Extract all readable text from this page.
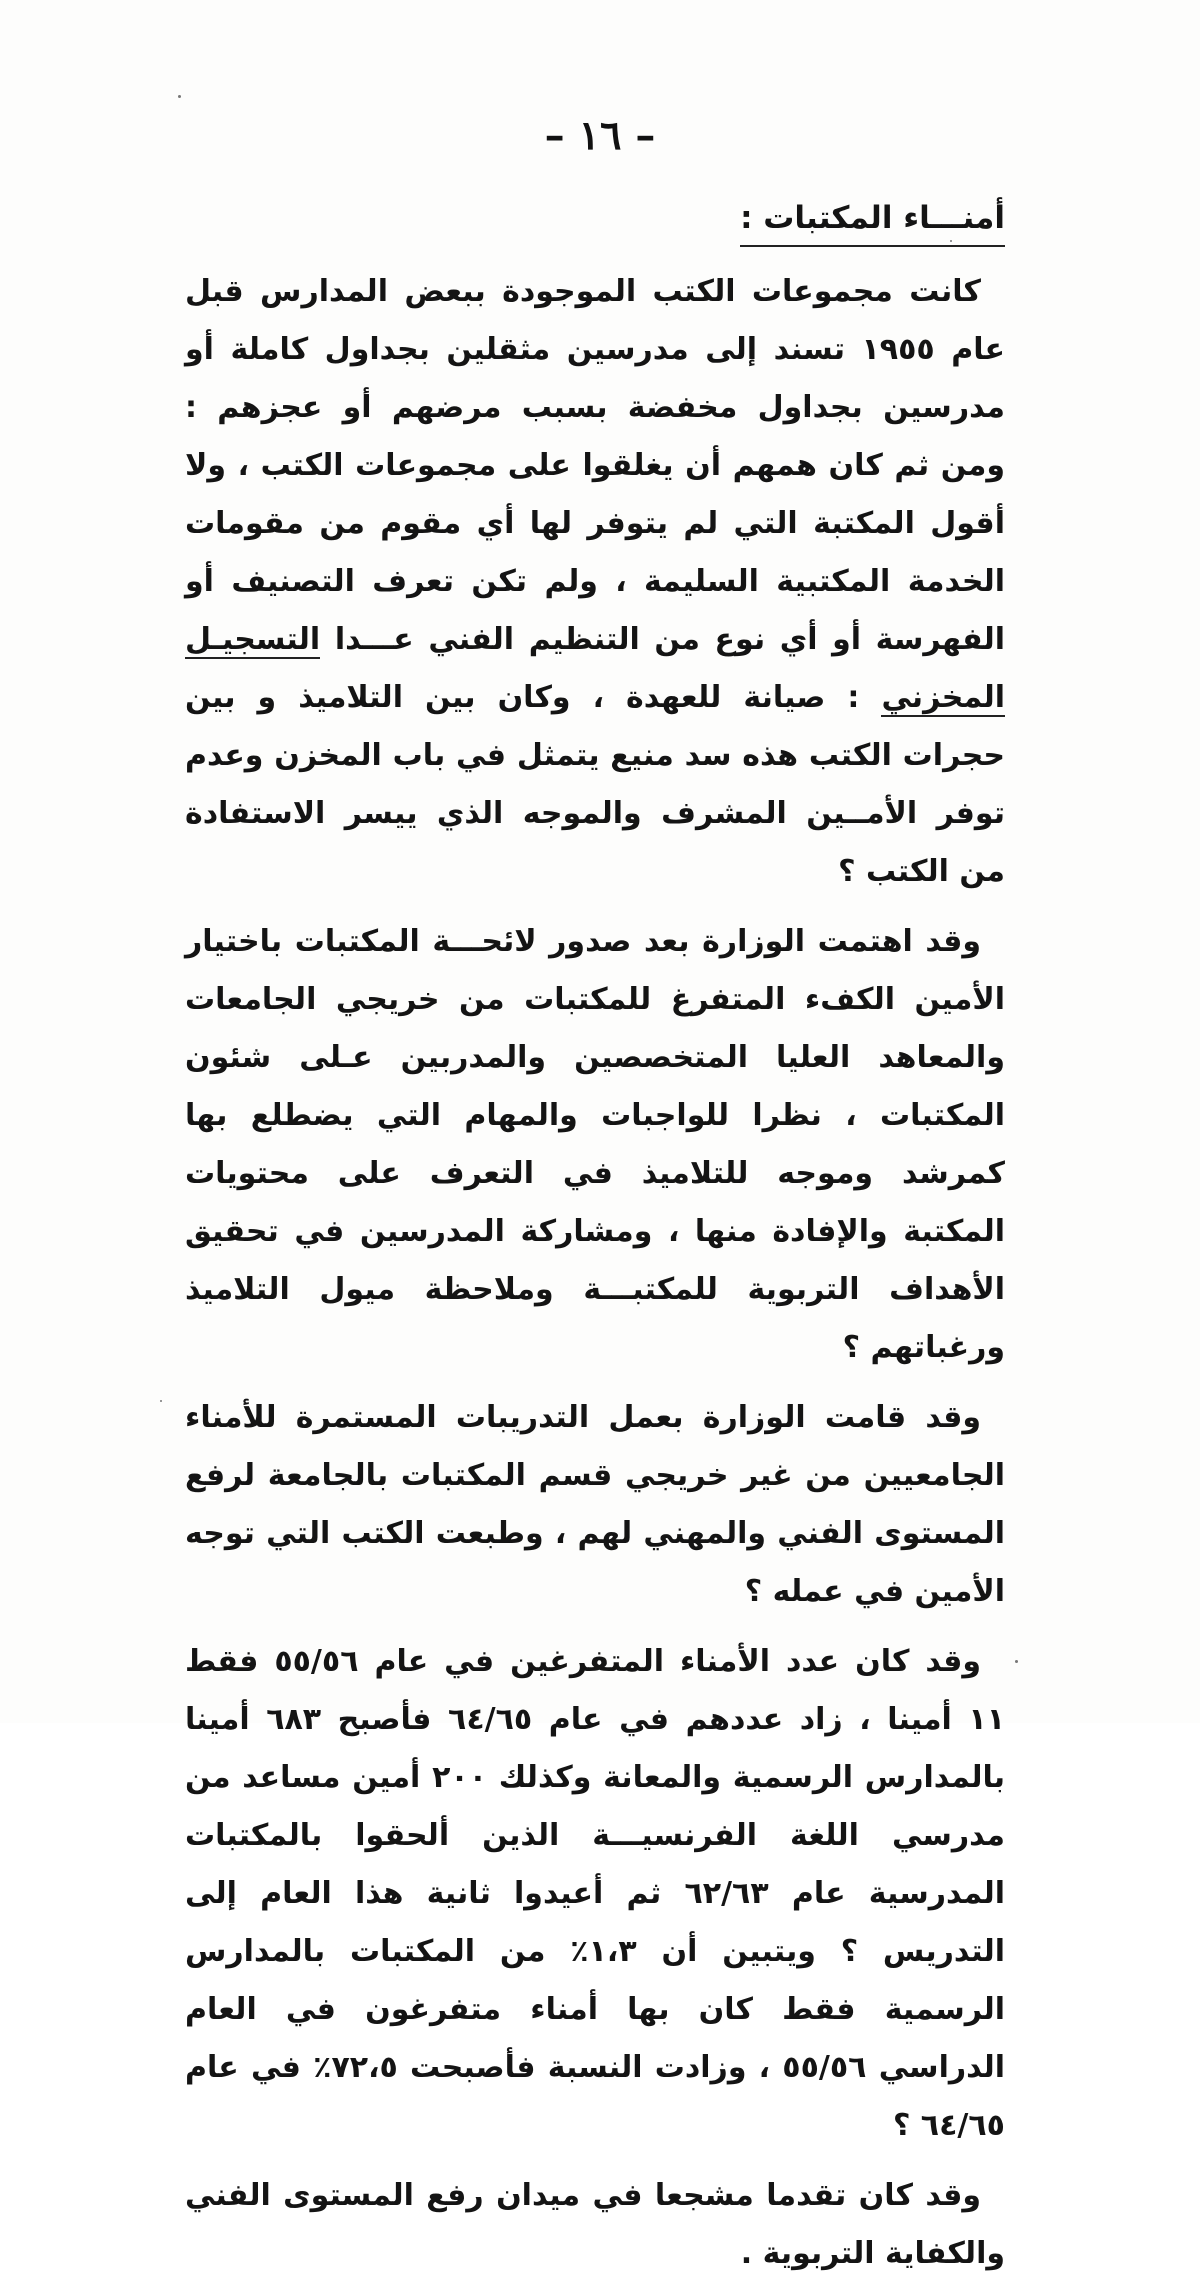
– ١٦ –
أمنـــاء المكتبات :

كانت مجموعات الكتب الموجودة ببعض المدارس قبل عام ١٩٥٥ تسند إلى مدرسين مثقلين بجداول كاملة أو مدرسين بجداول مخفضة بسبب مرضهم أو عجزهم : ومن ثم كان همهم أن يغلقوا على مجموعات الكتب ، ولا أقول المكتبة التي لم يتوفر لها أي مقوم من مقومات الخدمة المكتبية السليمة ، ولم تكن تعرف التصنيف أو الفهرسة أو أي نوع من التنظيم الفني عـــدا التسجيـل المخزني : صيانة للعهدة ، وكان بين التلاميذ و بين حجرات الكتب هذه سد منيع يتمثل في باب المخزن وعدم توفر الأمــين المشرف والموجه الذي ييسر الاستفادة من الكتب ؟

وقد اهتمت الوزارة بعد صدور لائحـــة المكتبات باختيار الأمين الكفء المتفرغ للمكتبات من خريجي الجامعات والمعاهد العليا المتخصصين والمدربين عـلى شئون المكتبات ، نظرا للواجبات والمهام التي يضطلع بها كمرشد وموجه للتلاميذ في التعرف على محتويات المكتبة والإفادة منها ، ومشاركة المدرسين في تحقيق الأهداف التربوية للمكتبـــة وملاحظة ميول التلاميذ ورغباتهم ؟

وقد قامت الوزارة بعمل التدريبات المستمرة للأمناء الجامعيين من غير خريجي قسم المكتبات بالجامعة لرفع المستوى الفني والمهني لهم ، وطبعت الكتب التي توجه الأمين في عمله ؟

وقد كان عدد الأمناء المتفرغين في عام ٥٥/٥٦ فقط ١١ أمينا ، زاد عددهم في عام ٦٤/٦٥ فأصبح ٦٨٣ أمينا بالمدارس الرسمية والمعانة وكذلك ٢٠٠ أمين مساعد من مدرسي اللغة الفرنسيـــة الذين ألحقوا بالمكتبات المدرسية عام ٦٢/٦٣ ثم أعيدوا ثانية هذا العام إلى التدريس ؟ ويتبين أن ١،٣٪ من المكتبات بالمدارس الرسمية فقط كان بها أمناء متفرغون في العام الدراسي ٥٥/٥٦ ، وزادت النسبة فأصبحت ٧٢،٥٪ في عام ٦٤/٦٥ ؟

وقد كان تقدما مشجعا في ميدان رفع المستوى الفني والكفاية التربوية .
